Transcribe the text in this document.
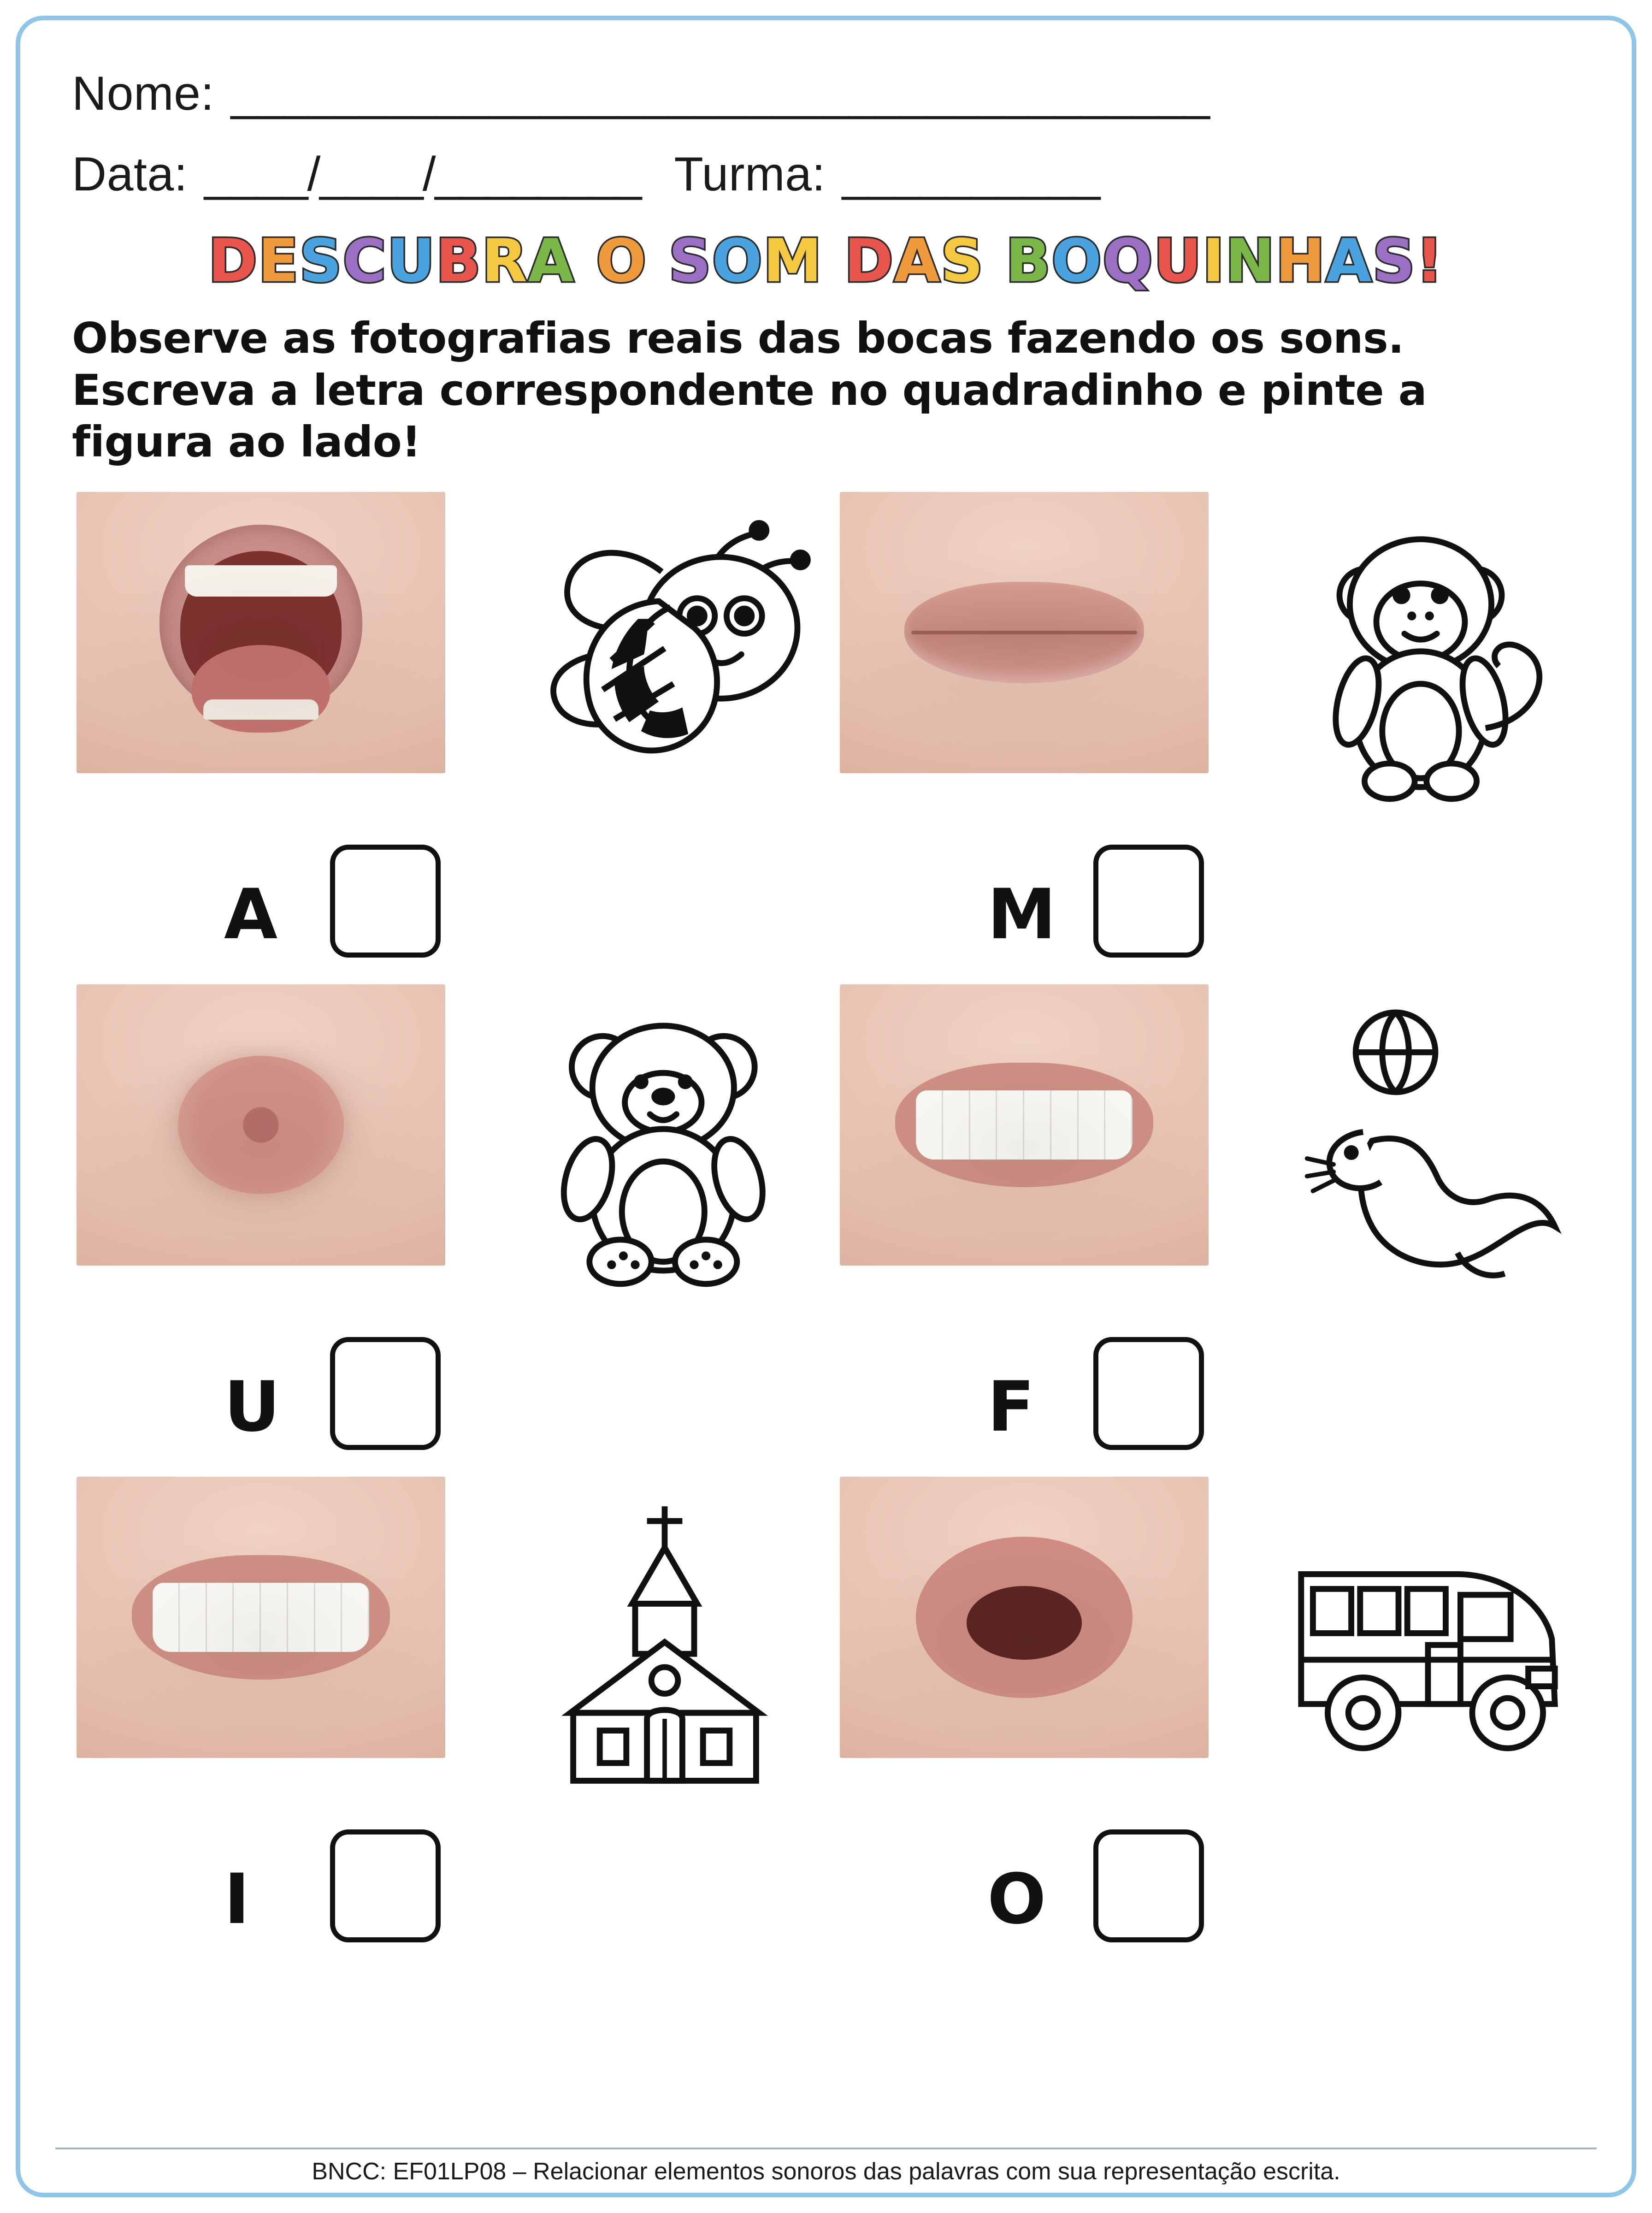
Nome: ______________________________________
Data: ____/ ____/ ________ Turma: __________
DESCUBRA O SOM DAS BOQUINHAS!
Observe as fotografias reais das bocas fazendo os sons. Escreva a letra correspondente no quadradinho e pinte a figura ao lado!
A	M
U	F
I	O
BNCC: EF01LP08 – Relacionar elementos sonoros das palavras com sua representação escrita.
